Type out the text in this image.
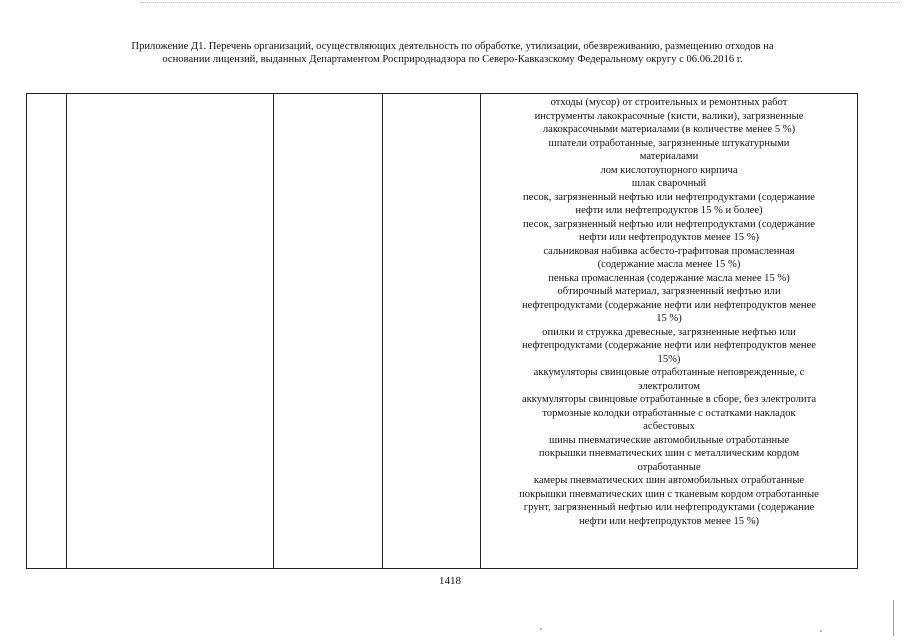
Приложение Д1. Перечень организаций, осуществляющих деятельность по обработке, утилизации, обезвреживанию, размещению отходов на
основании лицензий, выданных Департаментом Росприроднадзора по Северо-Кавказскому Федеральному округу с 06.06.2016 г.
отходы (мусор) от строительных и ремонтных работ
инструменты лакокрасочные (кисти, валики), загрязненные
лакокрасочными материалами (в количестве менее 5 %)
шпатели отработанные, загрязненные штукатурными
материалами
лом кислотоупорного кирпича
шлак сварочный
песок, загрязненный нефтью или нефтепродуктами (содержание
нефти или нефтепродуктов 15 % и более)
песок, загрязненный нефтью или нефтепродуктами (содержание
нефти или нефтепродуктов менее 15 %)
сальниковая набивка асбесто-графитовая промасленная
(содержание масла менее 15 %)
пенька промасленная (содержание масла менее 15 %)
обтирочный материал, загрязненный нефтью или
нефтепродуктами (содержание нефти или нефтепродуктов менее
15 %)
опилки и стружка древесные, загрязненные нефтью или
нефтепродуктами (содержание нефти или нефтепродуктов менее
15%)
аккумуляторы свинцовые отработанные неповрежденные, с
электролитом
аккумуляторы свинцовые отработанные в сборе, без электролита
тормозные колодки отработанные с остатками накладок
асбестовых
шины пневматические автомобильные отработанные
покрышки пневматических шин с металлическим кордом
отработанные
камеры пневматических шин автомобильных отработанные
покрышки пневматических шин с тканевым кордом отработанные
грунт, загрязненный нефтью или нефтепродуктами (содержание
нефти или нефтепродуктов менее 15 %)
1418
